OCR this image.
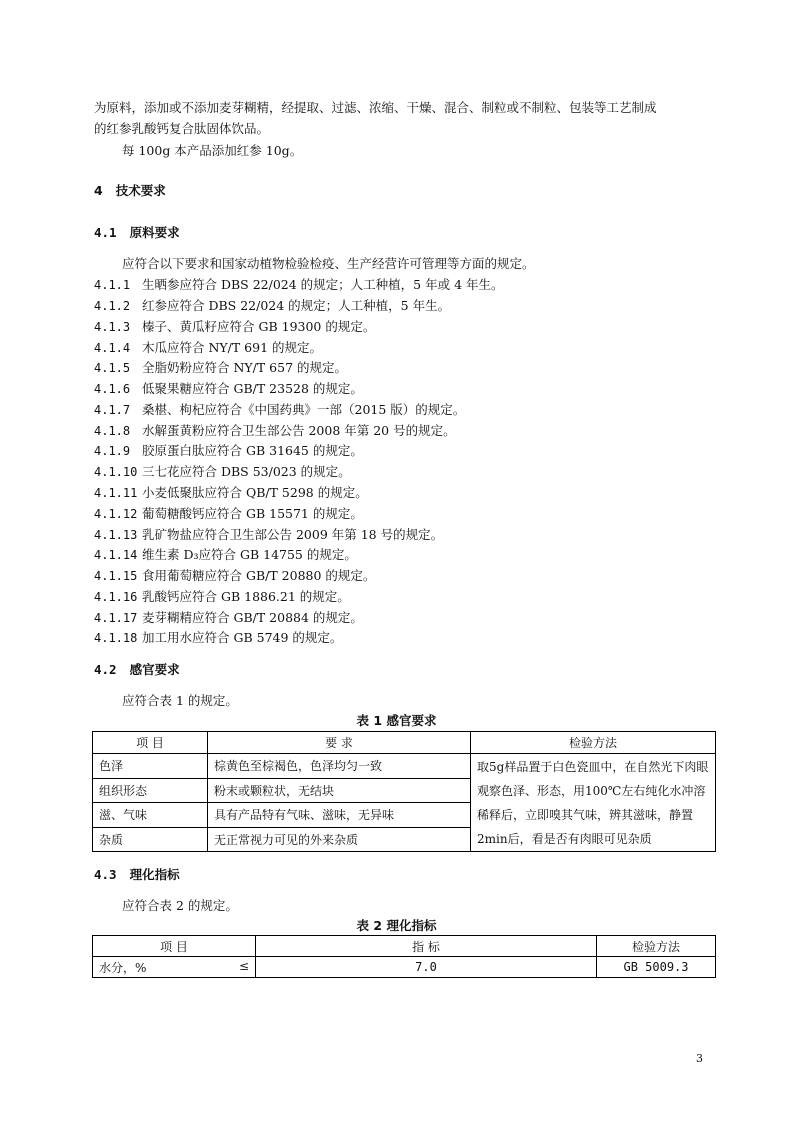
为原料，添加或不添加麦芽糊精，经提取、过滤、浓缩、干燥、混合、制粒或不制粒、包装等工艺制成
的红参乳酸钙复合肽固体饮品。
每 100g 本产品添加红参 10g。
4 技术要求
4.1 原料要求
应符合以下要求和国家动植物检验检疫、生产经营许可管理等方面的规定。
4.1.1 生晒参应符合 DBS 22/024 的规定；人工种植，5 年或 4 年生。
4.1.2 红参应符合 DBS 22/024 的规定；人工种植，5 年生。
4.1.3 榛子、黄瓜籽应符合 GB 19300 的规定。
4.1.4 木瓜应符合 NY/T 691 的规定。
4.1.5 全脂奶粉应符合 NY/T 657 的规定。
4.1.6 低聚果糖应符合 GB/T 23528 的规定。
4.1.7 桑椹、枸杞应符合《中国药典》一部（2015 版）的规定。
4.1.8 水解蛋黄粉应符合卫生部公告 2008 年第 20 号的规定。
4.1.9 胶原蛋白肽应符合 GB 31645 的规定。
4.1.10 三七花应符合 DBS 53/023 的规定。
4.1.11 小麦低聚肽应符合 QB/T 5298 的规定。
4.1.12 葡萄糖酸钙应符合 GB 15571 的规定。
4.1.13 乳矿物盐应符合卫生部公告 2009 年第 18 号的规定。
4.1.14 维生素 D₃应符合 GB 14755 的规定。
4.1.15 食用葡萄糖应符合 GB/T 20880 的规定。
4.1.16 乳酸钙应符合 GB 1886.21 的规定。
4.1.17 麦芽糊精应符合 GB/T 20884 的规定。
4.1.18 加工用水应符合 GB 5749 的规定。
4.2 感官要求
应符合表 1 的规定。
表 1 感官要求
项 目	要 求	检验方法
色泽	棕黄色至棕褐色，色泽均匀一致	取5g样品置于白色瓷皿中，在自然光下肉眼观察色泽、形态，用100℃左右纯化水冲溶稀释后，立即嗅其气味，辨其滋味，静置2min后，看是否有肉眼可见杂质
组织形态	粉末或颗粒状，无结块	
滋、气味	具有产品特有气味、滋味，无异味	
杂质	无正常视力可见的外来杂质	
4.3 理化指标
应符合表 2 的规定。
表 2 理化指标
项 目	指 标	检验方法
水分，% ≤	7.0	GB 5009.3
3
